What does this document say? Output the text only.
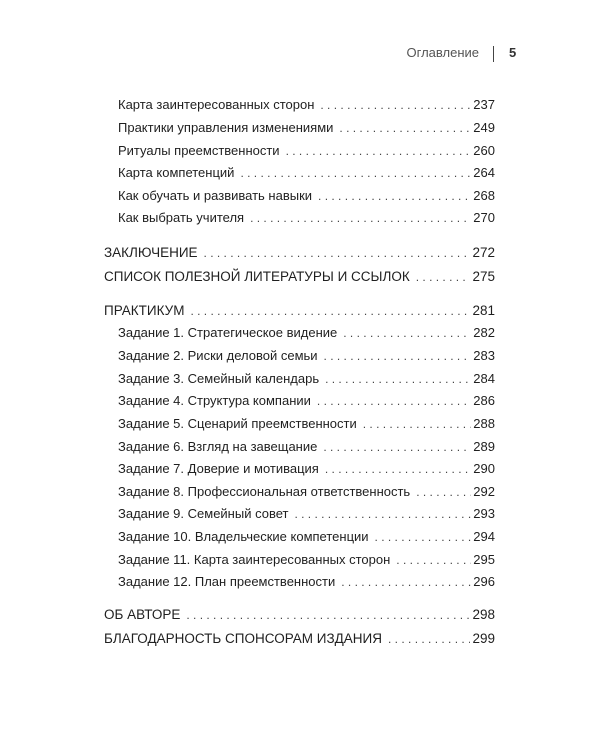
Оглавление 5
Карта заинтересованных сторон . . .	237
Практики управления изменениями . . .	249
Ритуалы преемственности . . .	260
Карта компетенций . . .	264
Как обучать и развивать навыки . . .	268
Как выбрать учителя . . .	270
ЗАКЛЮЧЕНИЕ . . .	272
СПИСОК ПОЛЕЗНОЙ ЛИТЕРАТУРЫ И ССЫЛОК . . .	275
ПРАКТИКУМ . . .	281
Задание 1. Стратегическое видение . . .	282
Задание 2. Риски деловой семьи . . .	283
Задание 3. Семейный календарь . . .	284
Задание 4. Структура компании . . .	286
Задание 5. Сценарий преемственности . . .	288
Задание 6. Взгляд на завещание . . .	289
Задание 7. Доверие и мотивация . . .	290
Задание 8. Профессиональная ответственность . . .	292
Задание 9. Семейный совет . . .	293
Задание 10. Владельческие компетенции . . .	294
Задание 11. Карта заинтересованных сторон . . .	295
Задание 12. План преемственности . . .	296
ОБ АВТОРЕ . . .	298
БЛАГОДАРНОСТЬ СПОНСОРАМ ИЗДАНИЯ . . .	299
